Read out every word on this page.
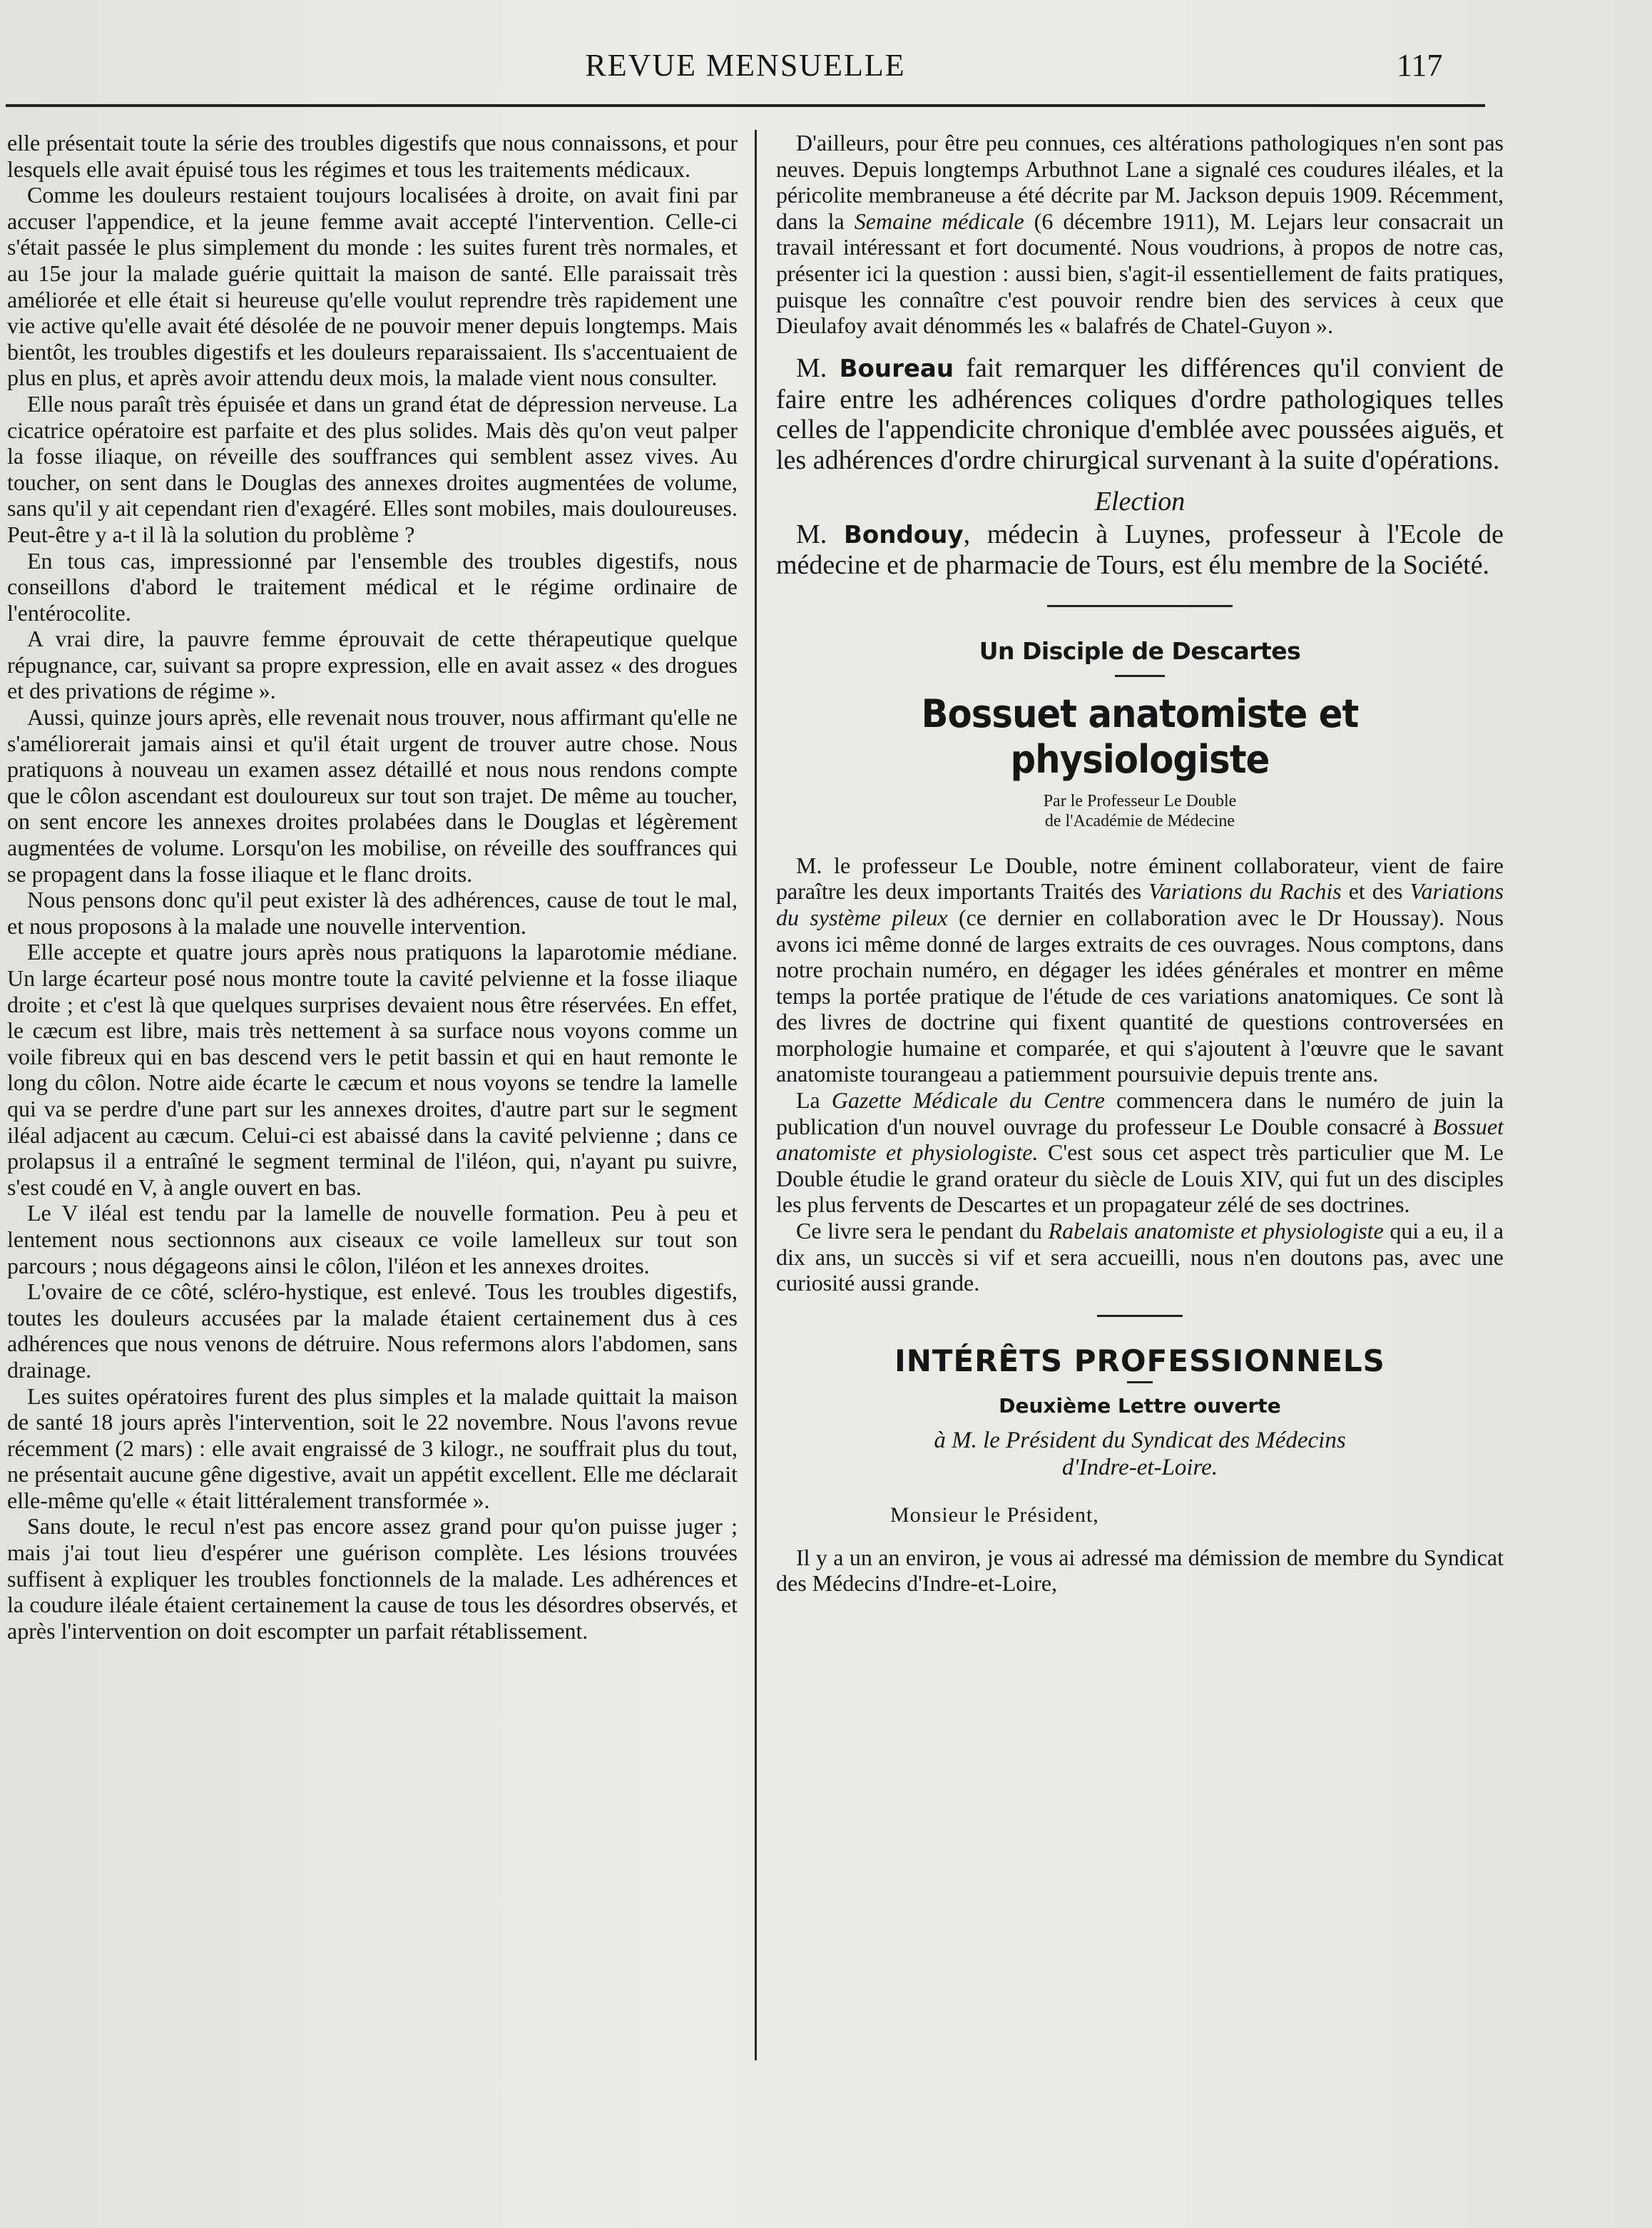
REVUE MENSUELLE	117

elle présentait toute la série des troubles digestifs que nous connaissons, et pour lesquels elle avait épuisé tous les régimes et tous les traitements médicaux.

Comme les douleurs restaient toujours localisées à droite, on avait fini par accuser l'appendice, et la jeune femme avait accepté l'intervention. Celle-ci s'était passée le plus simplement du monde : les suites furent très normales, et au 15e jour la malade guérie quittait la maison de santé. Elle paraissait très améliorée et elle était si heureuse qu'elle voulut reprendre très rapidement une vie active qu'elle avait été désolée de ne pouvoir mener depuis longtemps. Mais bientôt, les troubles digestifs et les douleurs reparaissaient. Ils s'accentuaient de plus en plus, et après avoir attendu deux mois, la malade vient nous consulter.

Elle nous paraît très épuisée et dans un grand état de dépression nerveuse. La cicatrice opératoire est parfaite et des plus solides. Mais dès qu'on veut palper la fosse iliaque, on réveille des souffrances qui semblent assez vives. Au toucher, on sent dans le Douglas des annexes droites augmentées de volume, sans qu'il y ait cependant rien d'exagéré. Elles sont mobiles, mais douloureuses. Peut-être y a-t il là la solution du problème ?

En tous cas, impressionné par l'ensemble des troubles digestifs, nous conseillons d'abord le traitement médical et le régime ordinaire de l'entérocolite.

A vrai dire, la pauvre femme éprouvait de cette thérapeutique quelque répugnance, car, suivant sa propre expression, elle en avait assez « des drogues et des privations de régime ».

Aussi, quinze jours après, elle revenait nous trouver, nous affirmant qu'elle ne s'améliorerait jamais ainsi et qu'il était urgent de trouver autre chose. Nous pratiquons à nouveau un examen assez détaillé et nous nous rendons compte que le côlon ascendant est douloureux sur tout son trajet. De même au toucher, on sent encore les annexes droites prolabées dans le Douglas et légèrement augmentées de volume. Lorsqu'on les mobilise, on réveille des souffrances qui se propagent dans la fosse iliaque et le flanc droits.

Nous pensons donc qu'il peut exister là des adhérences, cause de tout le mal, et nous proposons à la malade une nouvelle intervention.

Elle accepte et quatre jours après nous pratiquons la laparotomie médiane. Un large écarteur posé nous montre toute la cavité pelvienne et la fosse iliaque droite ; et c'est là que quelques surprises devaient nous être réservées. En effet, le cæcum est libre, mais très nettement à sa surface nous voyons comme un voile fibreux qui en bas descend vers le petit bassin et qui en haut remonte le long du côlon. Notre aide écarte le cæcum et nous voyons se tendre la lamelle qui va se perdre d'une part sur les annexes droites, d'autre part sur le segment iléal adjacent au cæcum. Celui-ci est abaissé dans la cavité pelvienne ; dans ce prolapsus il a entraîné le segment terminal de l'iléon, qui, n'ayant pu suivre, s'est coudé en V, à angle ouvert en bas.

Le V iléal est tendu par la lamelle de nouvelle formation. Peu à peu et lentement nous sectionnons aux ciseaux ce voile lamelleux sur tout son parcours ; nous dégageons ainsi le côlon, l'iléon et les annexes droites.

L'ovaire de ce côté, scléro-hystique, est enlevé. Tous les troubles digestifs, toutes les douleurs accusées par la malade étaient certainement dus à ces adhérences que nous venons de détruire. Nous refermons alors l'abdomen, sans drainage.

Les suites opératoires furent des plus simples et la malade quittait la maison de santé 18 jours après l'intervention, soit le 22 novembre. Nous l'avons revue récemment (2 mars) : elle avait engraissé de 3 kilogr., ne souffrait plus du tout, ne présentait aucune gêne digestive, avait un appétit excellent. Elle me déclarait elle-même qu'elle « était littéralement transformée ».

Sans doute, le recul n'est pas encore assez grand pour qu'on puisse juger ; mais j'ai tout lieu d'espérer une guérison complète. Les lésions trouvées suffisent à expliquer les troubles fonctionnels de la malade. Les adhérences et la coudure iléale étaient certainement la cause de tous les désordres observés, et après l'intervention on doit escompter un parfait rétablissement.

D'ailleurs, pour être peu connues, ces altérations pathologiques n'en sont pas neuves. Depuis longtemps Arbuthnot Lane a signalé ces coudures iléales, et la péricolite membraneuse a été décrite par M. Jackson depuis 1909. Récemment, dans la Semaine médicale (6 décembre 1911), M. Lejars leur consacrait un travail intéressant et fort documenté. Nous voudrions, à propos de notre cas, présenter ici la question : aussi bien, s'agit-il essentiellement de faits pratiques, puisque les connaître c'est pouvoir rendre bien des services à ceux que Dieulafoy avait dénommés les « balafrés de Chatel-Guyon ».

M. Boureau fait remarquer les différences qu'il convient de faire entre les adhérences coliques d'ordre pathologiques telles celles de l'appendicite chronique d'emblée avec poussées aiguës, et les adhérences d'ordre chirurgical survenant à la suite d'opérations.

Election

M. Bondouy, médecin à Luynes, professeur à l'Ecole de médecine et de pharmacie de Tours, est élu membre de la Société.

Un Disciple de Descartes
Bossuet anatomiste et physiologiste
Par le Professeur Le Double
de l'Académie de Médecine

M. le professeur Le Double, notre éminent collaborateur, vient de faire paraître les deux importants Traités des Variations du Rachis et des Variations du système pileux (ce dernier en collaboration avec le Dr Houssay). Nous avons ici même donné de larges extraits de ces ouvrages. Nous comptons, dans notre prochain numéro, en dégager les idées générales et montrer en même temps la portée pratique de l'étude de ces variations anatomiques. Ce sont là des livres de doctrine qui fixent quantité de questions controversées en morphologie humaine et comparée, et qui s'ajoutent à l'œuvre que le savant anatomiste tourangeau a patiemment poursuivie depuis trente ans.

La Gazette Médicale du Centre commencera dans le numéro de juin la publication d'un nouvel ouvrage du professeur Le Double consacré à Bossuet anatomiste et physiologiste. C'est sous cet aspect très particulier que M. Le Double étudie le grand orateur du siècle de Louis XIV, qui fut un des disciples les plus fervents de Descartes et un propagateur zélé de ses doctrines.

Ce livre sera le pendant du Rabelais anatomiste et physiologiste qui a eu, il a dix ans, un succès si vif et sera accueilli, nous n'en doutons pas, avec une curiosité aussi grande.

INTÉRÊTS PROFESSIONNELS
Deuxième Lettre ouverte

à M. le Président du Syndicat des Médecins

d'Indre-et-Loire.

Monsieur le Président,

Il y a un an environ, je vous ai adressé ma démission de membre du Syndicat des Médecins d'Indre-et-Loire,
